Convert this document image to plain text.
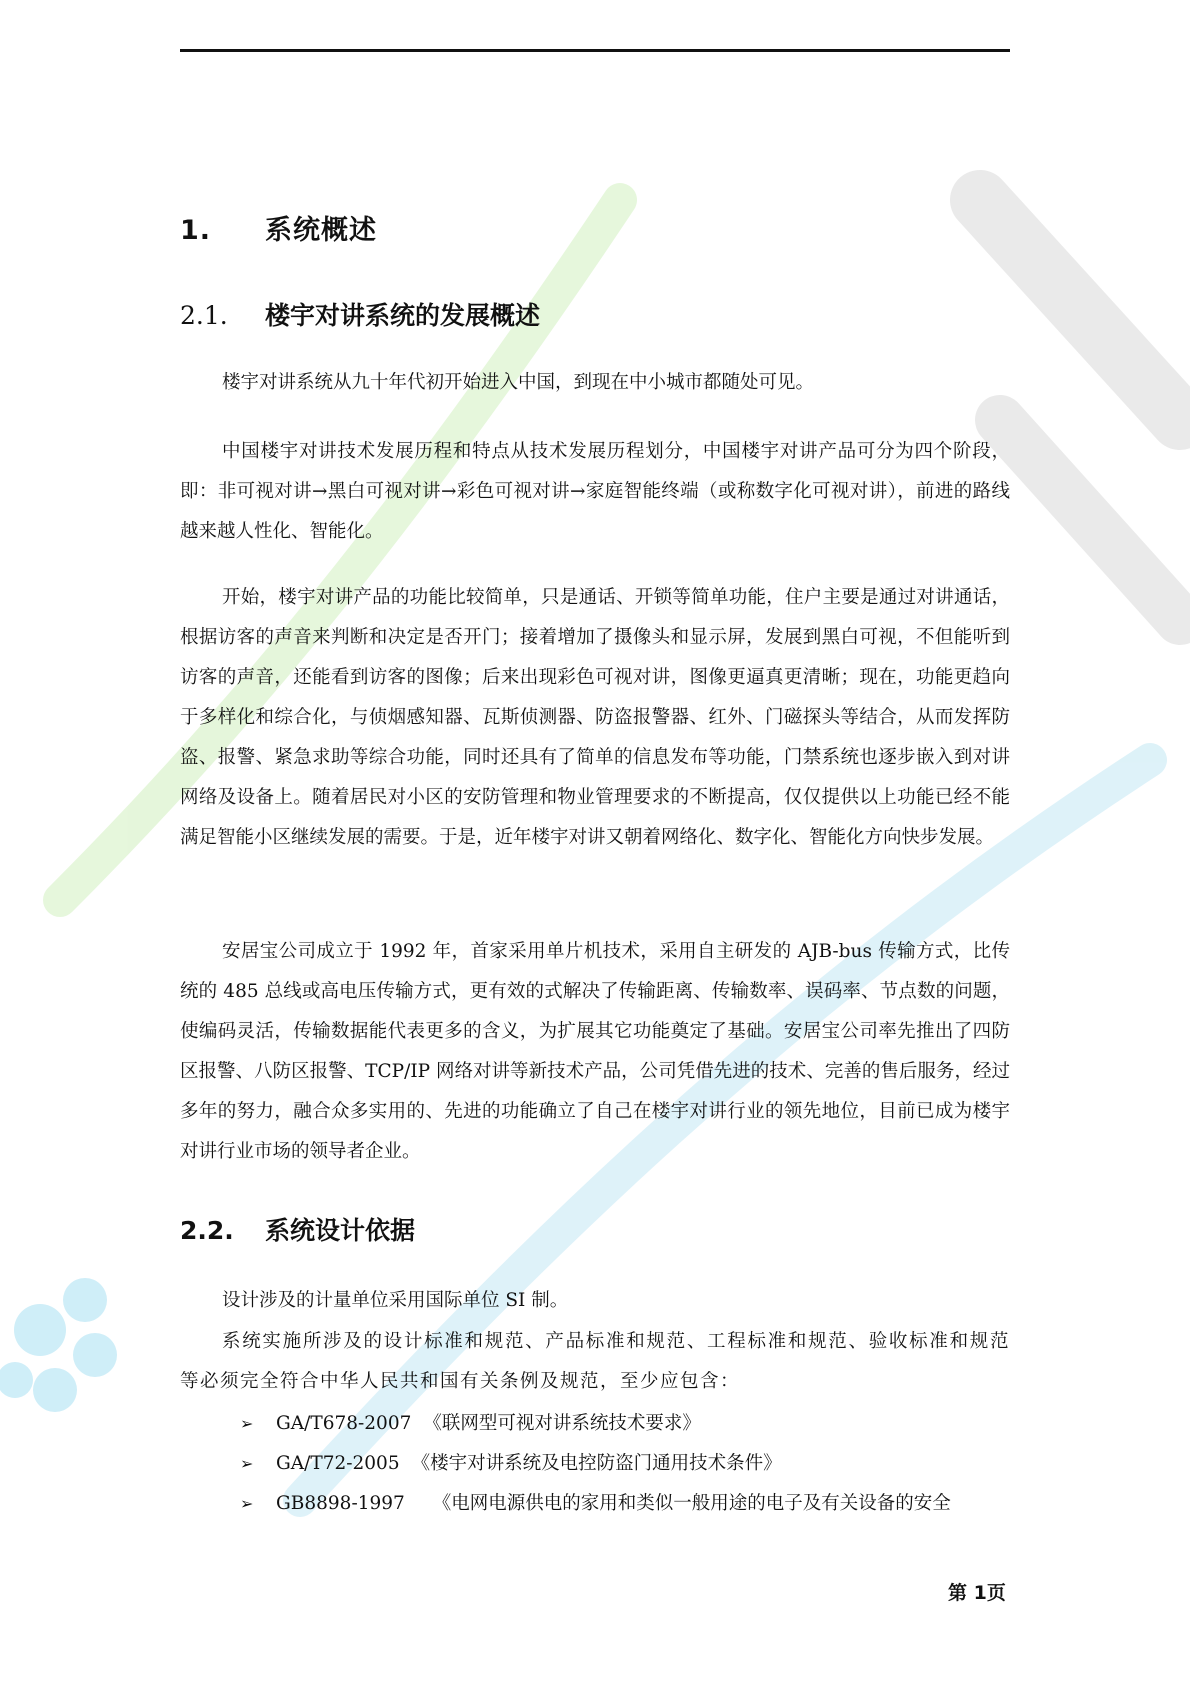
1. 系统概述
2.1. 楼宇对讲系统的发展概述

楼宇对讲系统从九十年代初开始进入中国，到现在中小城市都随处可见。

中国楼宇对讲技术发展历程和特点从技术发展历程划分，中国楼宇对讲产品可分为四个阶段，即：非可视对讲→黑白可视对讲→彩色可视对讲→家庭智能终端（或称数字化可视对讲），前进的路线越来越人性化、智能化。

开始，楼宇对讲产品的功能比较简单，只是通话、开锁等简单功能，住户主要是通过对讲通话，根据访客的声音来判断和决定是否开门；接着增加了摄像头和显示屏，发展到黑白可视，不但能听到访客的声音，还能看到访客的图像；后来出现彩色可视对讲，图像更逼真更清晰；现在，功能更趋向于多样化和综合化，与侦烟感知器、瓦斯侦测器、防盗报警器、红外、门磁探头等结合，从而发挥防盗、报警、紧急求助等综合功能，同时还具有了简单的信息发布等功能，门禁系统也逐步嵌入到对讲网络及设备上。随着居民对小区的安防管理和物业管理要求的不断提高，仅仅提供以上功能已经不能满足智能小区继续发展的需要。于是，近年楼宇对讲又朝着网络化、数字化、智能化方向快步发展。

安居宝公司成立于 1992 年，首家采用单片机技术，采用自主研发的 AJB-bus 传输方式，比传统的 485 总线或高电压传输方式，更有效的式解决了传输距离、传输数率、误码率、节点数的问题，使编码灵活，传输数据能代表更多的含义，为扩展其它功能奠定了基础。安居宝公司率先推出了四防区报警、八防区报警、TCP/IP 网络对讲等新技术产品，公司凭借先进的技术、完善的售后服务，经过多年的努力，融合众多实用的、先进的功能确立了自己在楼宇对讲行业的领先地位，目前已成为楼宇对讲行业市场的领导者企业。

2.2. 系统设计依据

设计涉及的计量单位采用国际单位 SI 制。

系统实施所涉及的设计标准和规范、产品标准和规范、工程标准和规范、验收标准和规范等必须完全符合中华人民共和国有关条例及规范，至少应包含：

➢ GA/T678-2007 《联网型可视对讲系统技术要求》
➢ GA/T72-2005 《楼宇对讲系统及电控防盗门通用技术条件》
➢ GB8898-1997 《电网电源供电的家用和类似一般用途的电子及有关设备的安全
第 1页
